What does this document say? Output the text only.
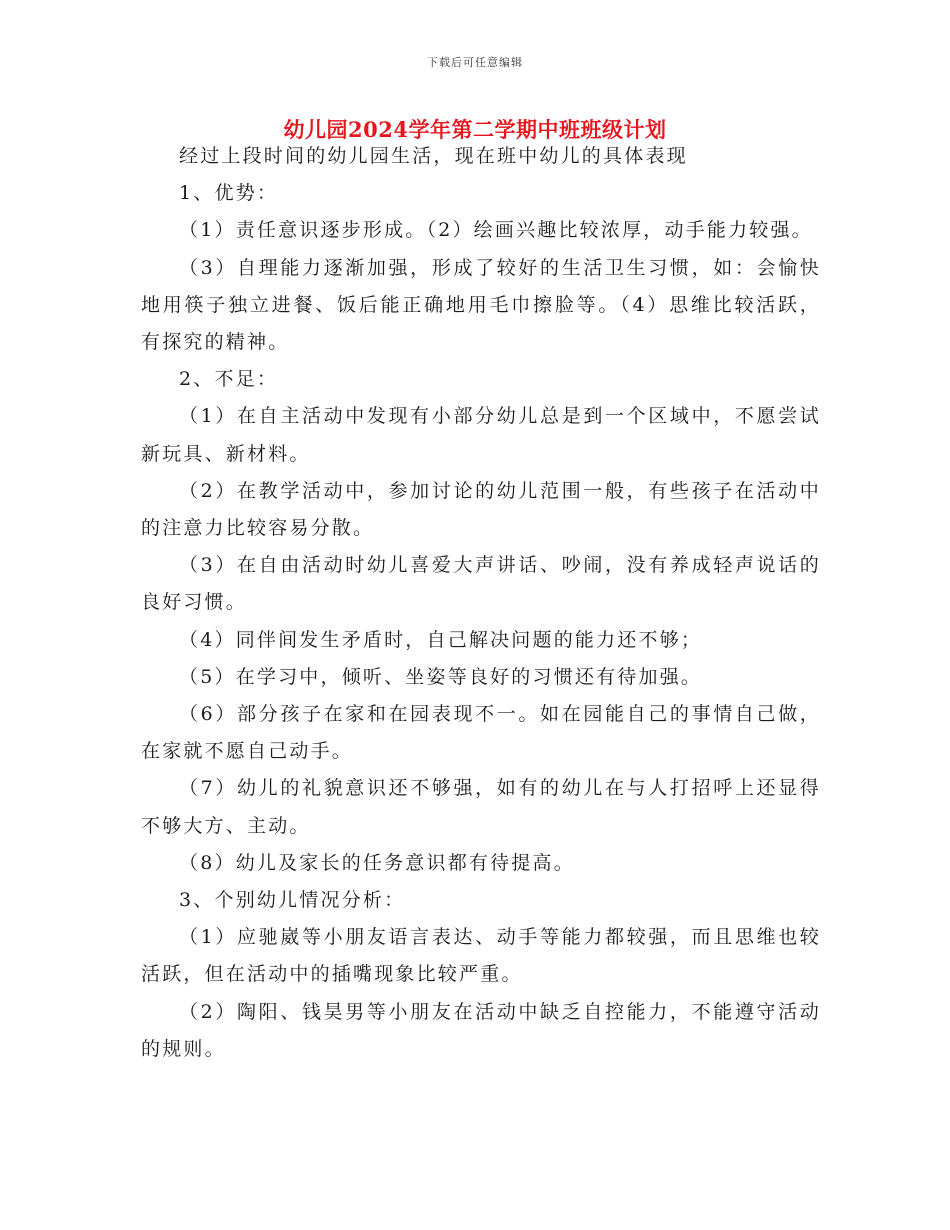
下载后可任意编辑
幼儿园2024学年第二学期中班班级计划

经过上段时间的幼儿园生活，现在班中幼儿的具体表现

1、优势：

（1）责任意识逐步形成。（2）绘画兴趣比较浓厚，动手能力较强。

（3）自理能力逐渐加强，形成了较好的生活卫生习惯，如：会愉快地用筷子独立进餐、饭后能正确地用毛巾擦脸等。（4）思维比较活跃，有探究的精神。

2、不足：

（1）在自主活动中发现有小部分幼儿总是到一个区域中，不愿尝试新玩具、新材料。

（2）在教学活动中，参加讨论的幼儿范围一般，有些孩子在活动中的注意力比较容易分散。

（3）在自由活动时幼儿喜爱大声讲话、吵闹，没有养成轻声说话的良好习惯。

（4）同伴间发生矛盾时，自己解决问题的能力还不够；

（5）在学习中，倾听、坐姿等良好的习惯还有待加强。

（6）部分孩子在家和在园表现不一。如在园能自己的事情自己做，在家就不愿自己动手。

（7）幼儿的礼貌意识还不够强，如有的幼儿在与人打招呼上还显得不够大方、主动。

（8）幼儿及家长的任务意识都有待提高。

3、个别幼儿情况分析：

（1）应驰崴等小朋友语言表达、动手等能力都较强，而且思维也较活跃，但在活动中的插嘴现象比较严重。

（2）陶阳、钱昊男等小朋友在活动中缺乏自控能力，不能遵守活动的规则。
